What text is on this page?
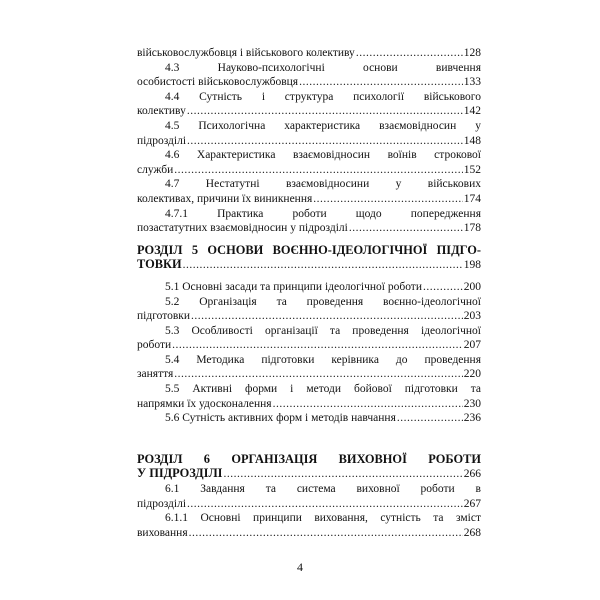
військовослужбовця і військового колективу .....	128
4.3 Науково-психологічні основи вивчення
особистості військовослужбовця .....	133
4.4 Сутність і структура психології військового
колективу .....	142
4.5 Психологічна характеристика взаємовідносин у
підрозділі .....	148
4.6 Характеристика взаємовідносин воїнів строкової
служби .....	152
4.7 Нестатутні взаємовідносини у військових
колективах, причини їх виникнення .....	174
4.7.1 Практика роботи щодо попередження
позастатутних взаємовідносин у підрозділі .....	178
РОЗДІЛ 5 ОСНОВИ ВОЄННО-ІДЕОЛОГІЧНОЇ ПІДГО-
ТОВКИ .....	198
5.1 Основні засади та принципи ідеологічної роботи .....	200
5.2 Організація та проведення воєнно-ідеологічної
підготовки .....	203
5.3 Особливості організації та проведення ідеологічної
роботи .....	207
5.4 Методика підготовки керівника до проведення
заняття .....	220
5.5 Активні форми і методи бойової підготовки та
напрямки їх удосконалення .....	230
5.6 Сутність активних форм і методів навчання .....	236
РОЗДІЛ 6 ОРГАНІЗАЦІЯ ВИХОВНОЇ РОБОТИ
У ПІДРОЗДІЛІ .....	266
6.1 Завдання та система виховної роботи в
підрозділі .....	267
6.1.1 Основні принципи виховання, сутність та зміст
виховання .....	268
4
